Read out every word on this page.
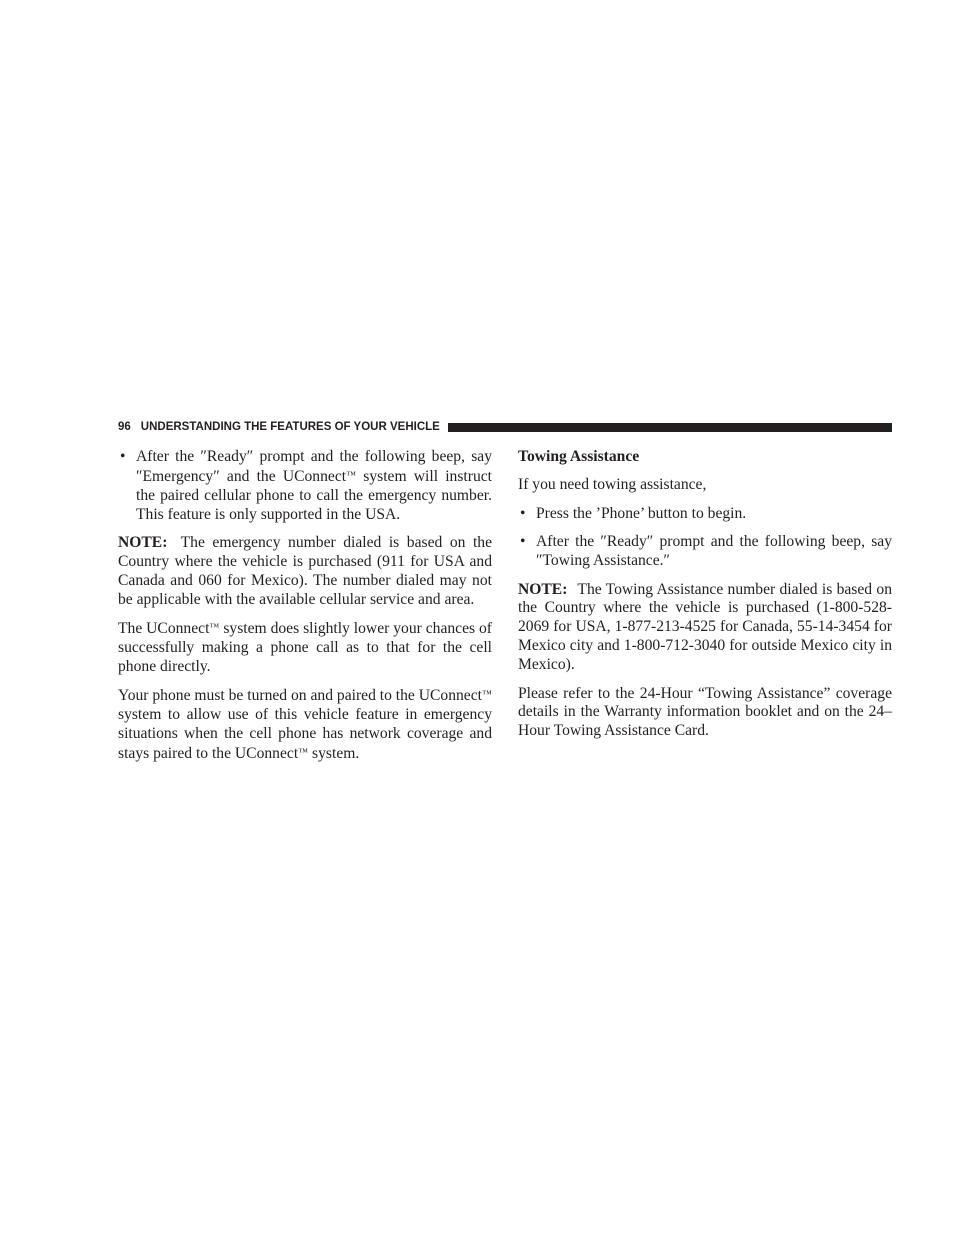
96 UNDERSTANDING THE FEATURES OF YOUR VEHICLE
• After the ″Ready″ prompt and the following beep, say ″Emergency″ and the UConnect™ system will instruct the paired cellular phone to call the emergency number. This feature is only supported in the USA.

NOTE: The emergency number dialed is based on the Country where the vehicle is purchased (911 for USA and Canada and 060 for Mexico). The number dialed may not be applicable with the available cellular service and area.

The UConnect™ system does slightly lower your chances of successfully making a phone call as to that for the cell phone directly.

Your phone must be turned on and paired to the UConnect™ system to allow use of this vehicle feature in emergency situations when the cell phone has network coverage and stays paired to the UConnect™ system.

Towing Assistance

If you need towing assistance,

• Press the ’Phone’ button to begin.
• After the ″Ready″ prompt and the following beep, say ″Towing Assistance.″

NOTE: The Towing Assistance number dialed is based on the Country where the vehicle is purchased (1-800-528-2069 for USA, 1-877-213-4525 for Canada, 55-14-3454 for Mexico city and 1-800-712-3040 for outside Mexico city in Mexico).

Please refer to the 24-Hour “Towing Assistance” coverage details in the Warranty information booklet and on the 24–Hour Towing Assistance Card.
